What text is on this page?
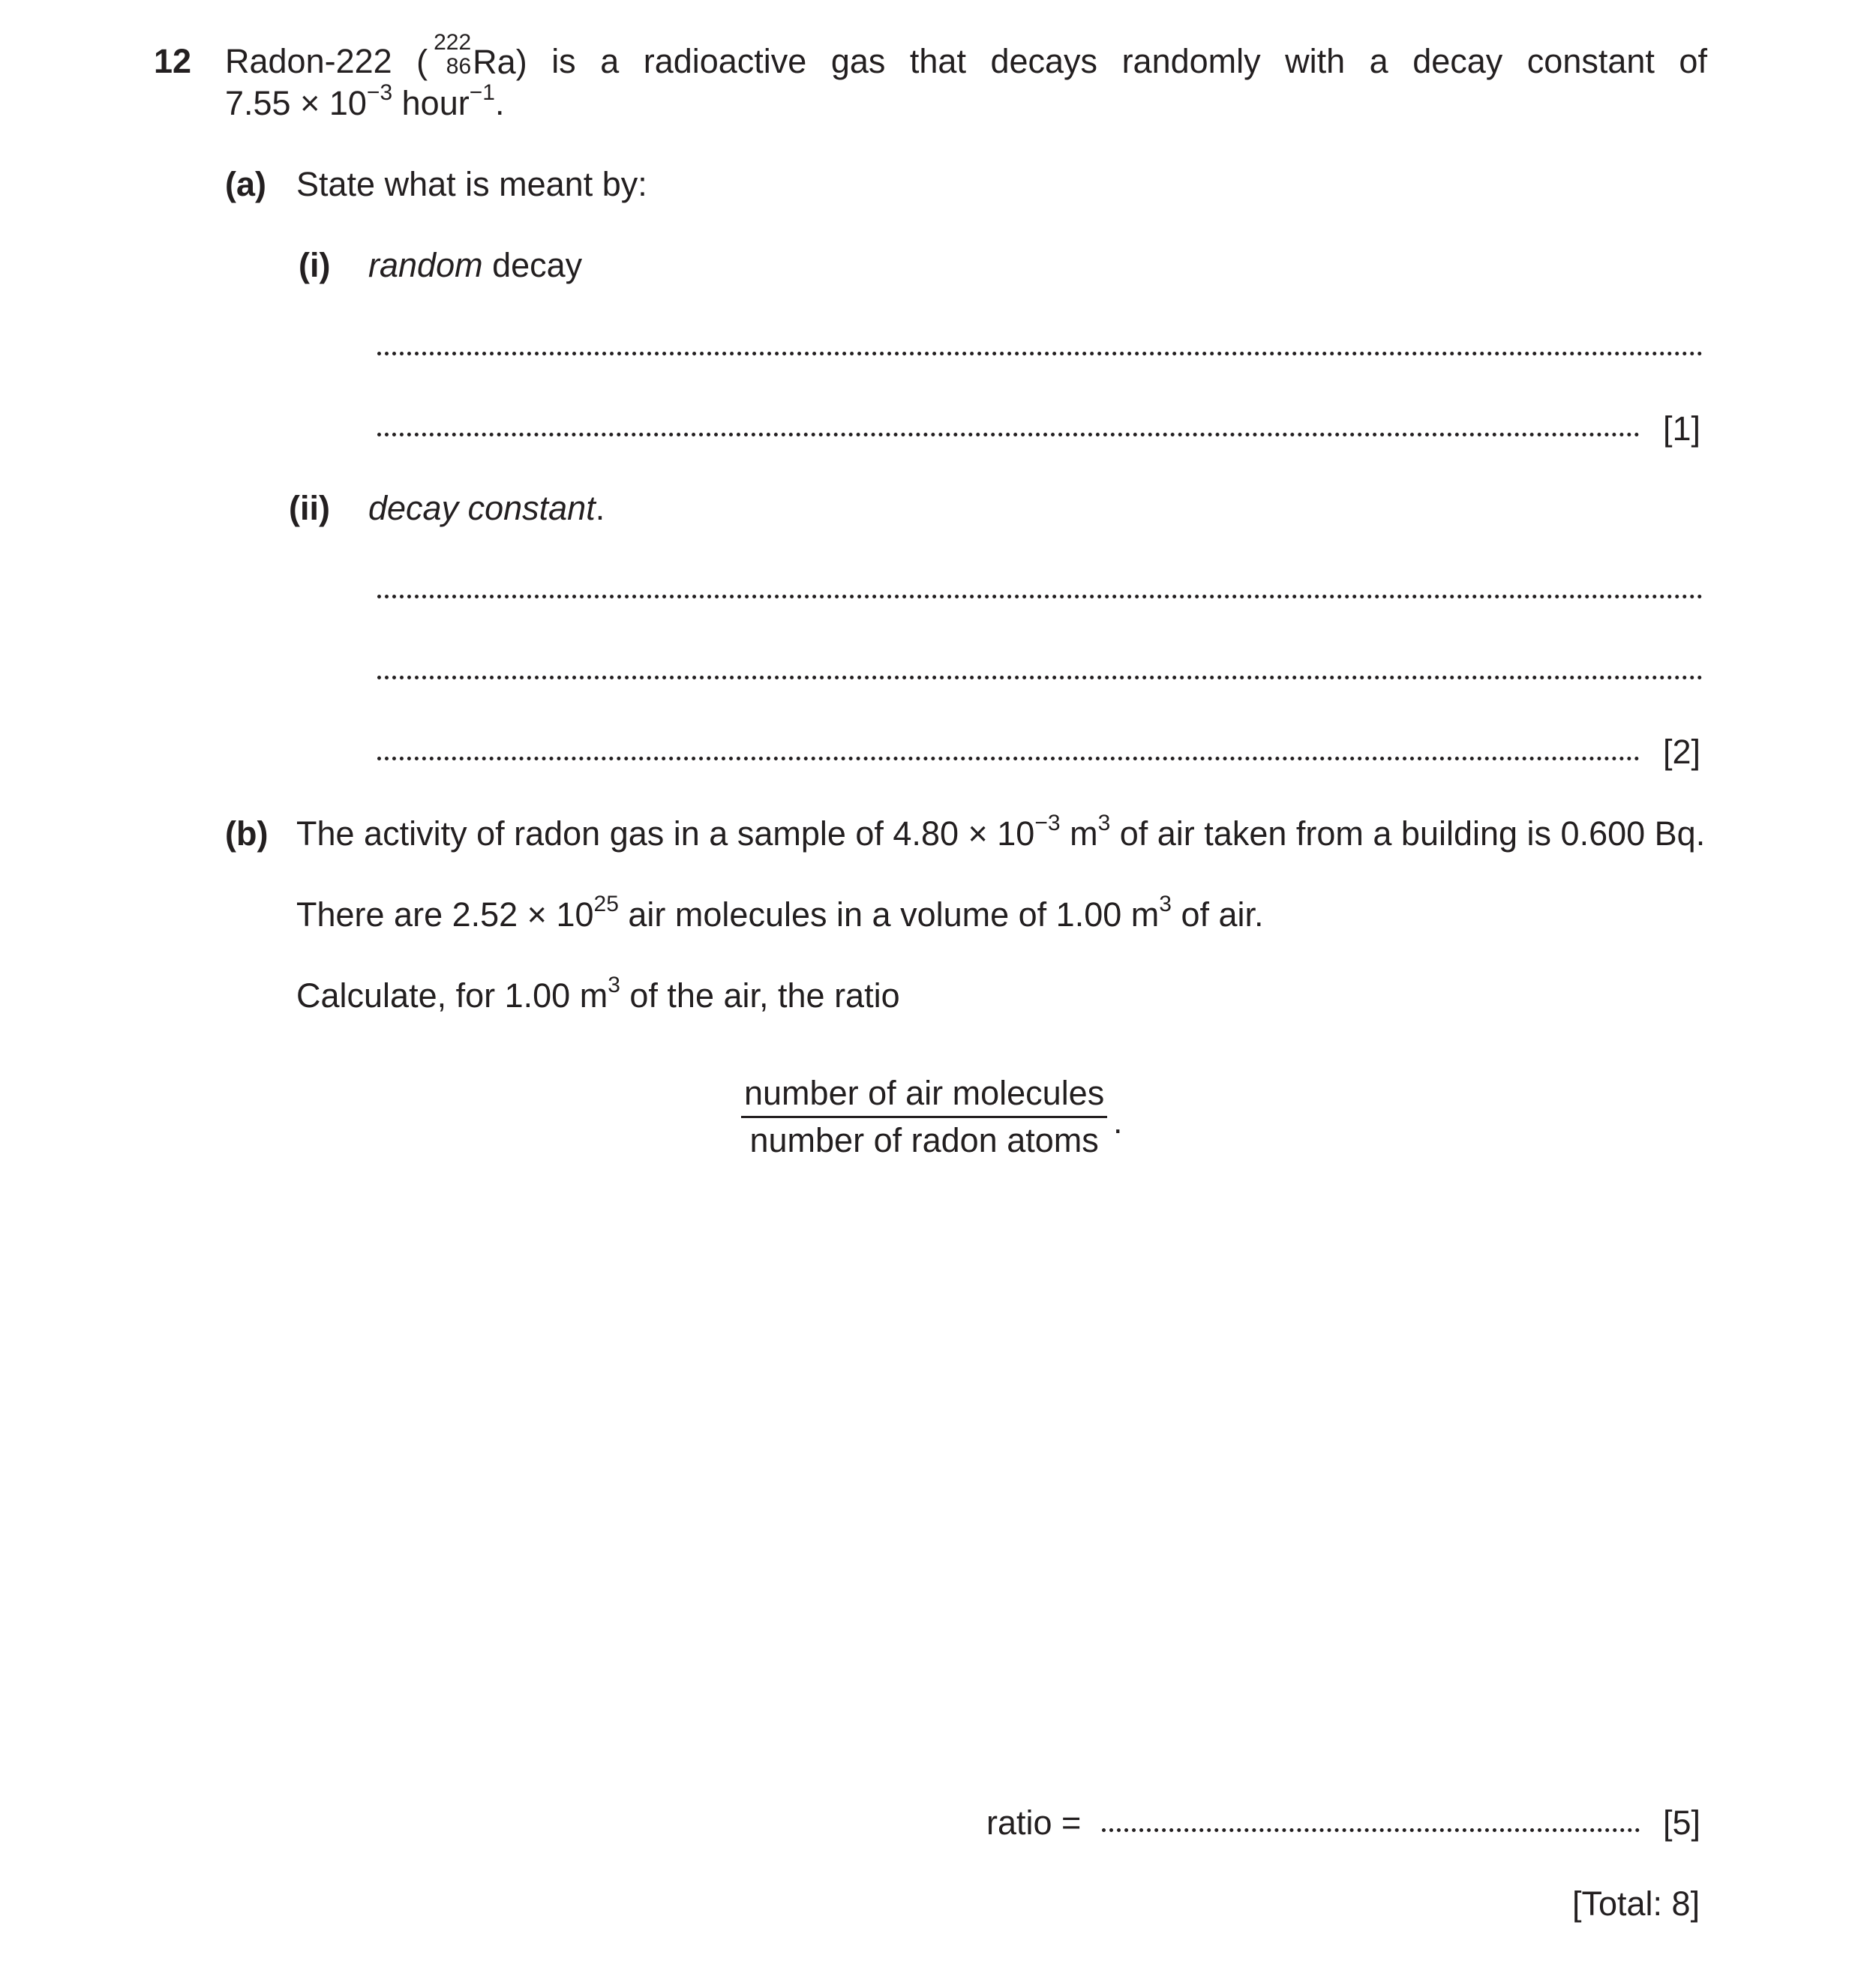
12 Radon-222 (
222
86 Ra) is a radioactive gas that decays randomly with a decay constant of
$7.55 \times 10^{-3}$ hour$^{-1}$.
(a) State what is meant by:
(i) random decay
[1]
(ii) decay constant.
[2]
(b) The activity of radon gas in a sample of $4.80 \times 10^{-3}$ $m^3$ of air taken from a building is 0.600 Bq.
There are $2.52 \times 10^{25}$ air molecules in a volume of 1.00 $m^3$ of air.
Calculate, for 1.00 $m^3$ of the air, the ratio
number of air molecules
number of radon atoms .
ratio =	[5]
[Total: 8]
